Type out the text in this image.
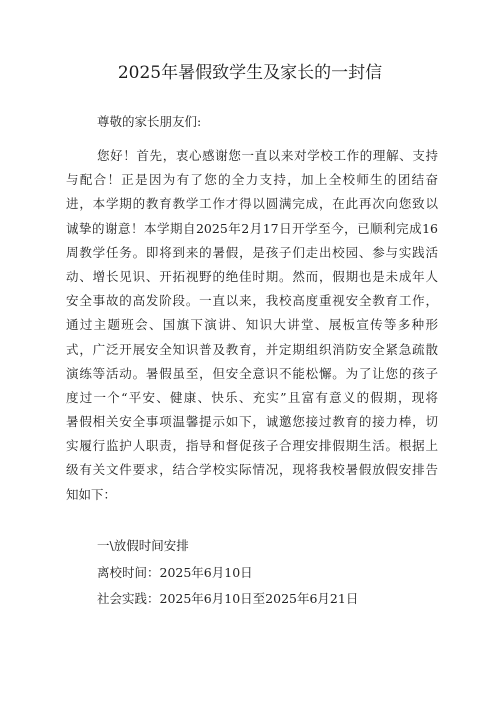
2025年暑假致学生及家长的一封信
尊敬的家长朋友们:
您好！首先，衷心感谢您一直以来对学校工作的理解、支持
与配合！正是因为有了您的全力支持，加上全校师生的团结奋
进，本学期的教育教学工作才得以圆满完成，在此再次向您致以
诚挚的谢意！本学期自2025年2月17日开学至今，已顺利完成16
周教学任务。即将到来的暑假，是孩子们走出校园、参与实践活
动、增长见识、开拓视野的绝佳时期。然而，假期也是未成年人
安全事故的高发阶段。一直以来，我校高度重视安全教育工作，
通过主题班会、国旗下演讲、知识大讲堂、展板宣传等多种形
式，广泛开展安全知识普及教育，并定期组织消防安全紧急疏散
演练等活动。暑假虽至，但安全意识不能松懈。为了让您的孩子
度过一个“平安、健康、快乐、充实”且富有意义的假期，现将
暑假相关安全事项温馨提示如下，诚邀您接过教育的接力棒，切
实履行监护人职责，指导和督促孩子合理安排假期生活。根据上
级有关文件要求，结合学校实际情况，现将我校暑假放假安排告
知如下：
一\放假时间安排
离校时间：2025年6月10日
社会实践：2025年6月10日至2025年6月21日
